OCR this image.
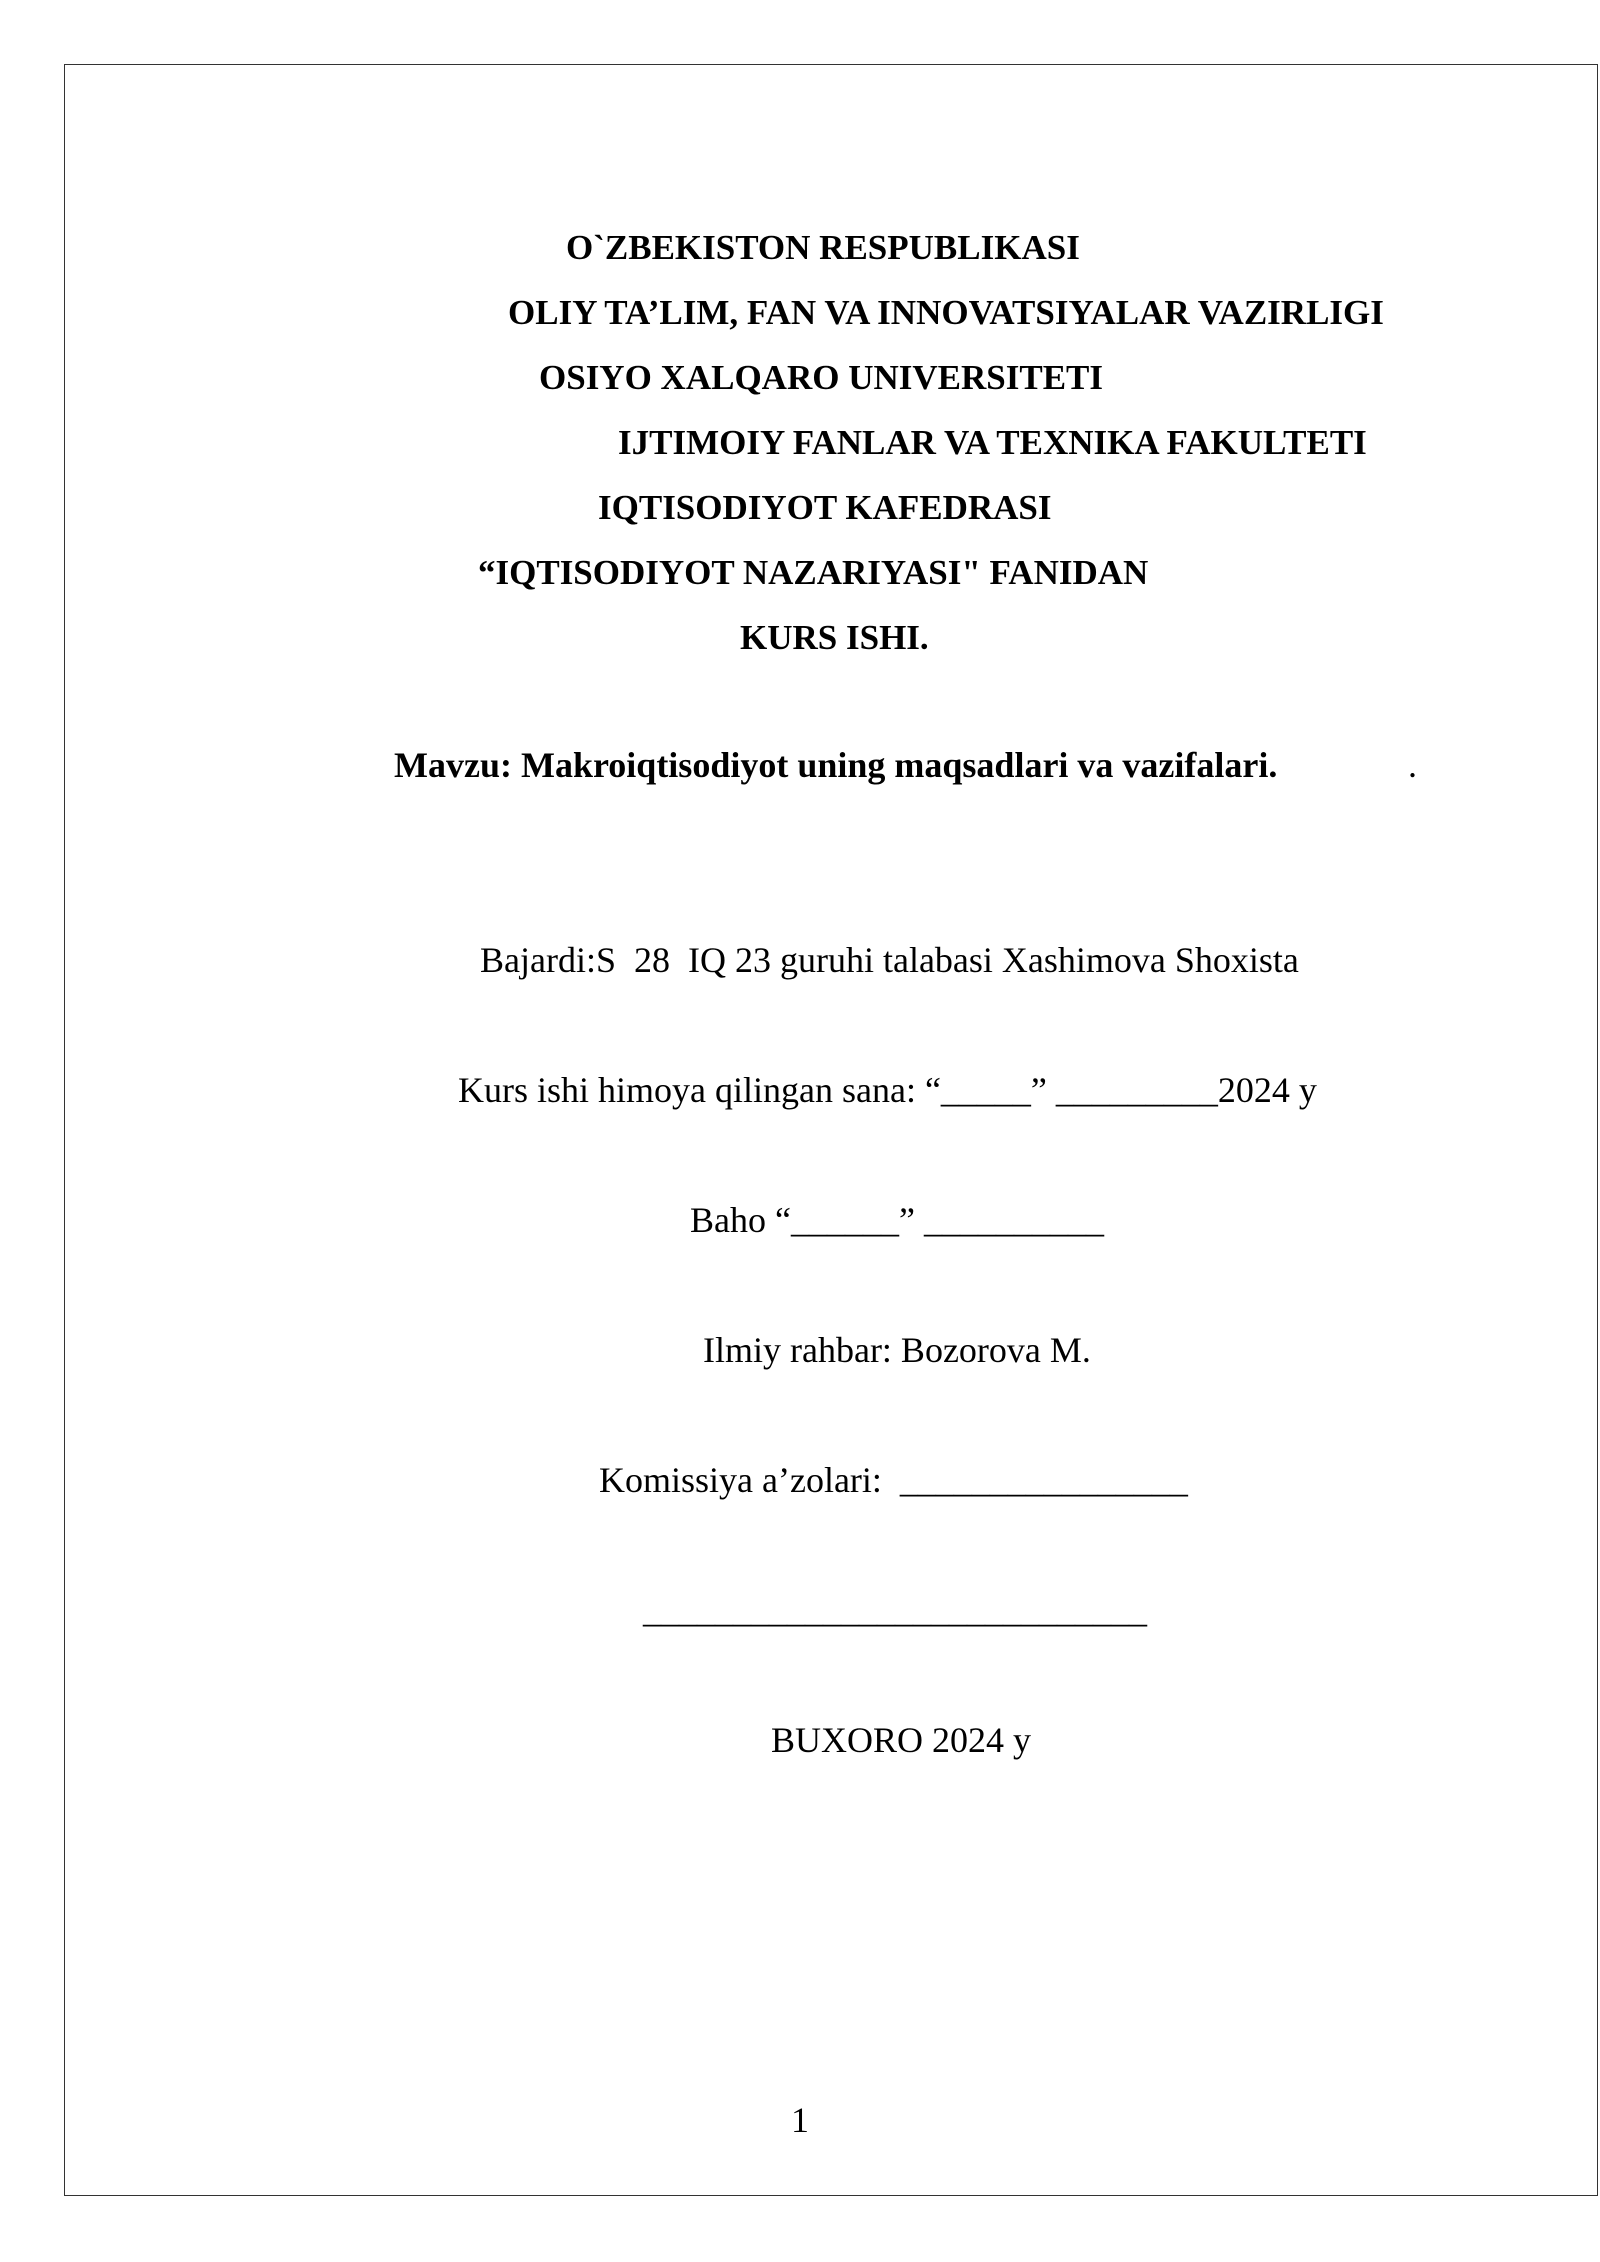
O`ZBEKISTON RESPUBLIKASI
OLIY TA’LIM, FAN VA INNOVATSIYALAR VAZIRLIGI
OSIYO XALQARO UNIVERSITETI
IJTIMOIY FANLAR VA TEXNIKA FAKULTETI
IQTISODIYOT KAFEDRASI
“IQTISODIYOT NAZARIYASI" FANIDAN
KURS ISHI.
Mavzu: Makroiqtisodiyot uning maqsadlari va vazifalari.	.
Bajardi:S  28  IQ 23 guruhi talabasi Xashimova Shoxista
Kurs ishi himoya qilingan sana: “_____” _________2024 y
Baho “______” __________
Ilmiy rahbar: Bozorova M.
Komissiya a’zolari:  ________________
____________________________
BUXORO 2024 y
1
